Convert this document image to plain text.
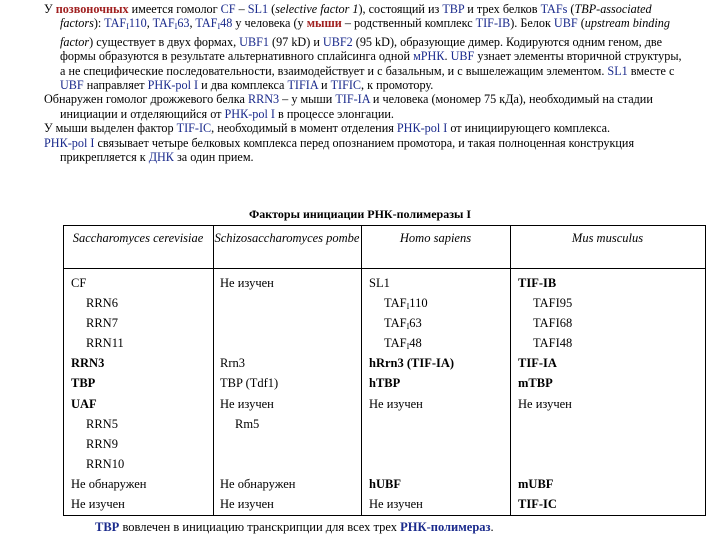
У позвоночных имеется гомолог CF – SL1 (selective factor 1), состоящий из TBP и трех белков TAFs (TBP-associated factors): $TAF_I110$, $TAF_I63$, $TAF_I48$ у человека (у мыши – родственный комплекс TIF-IB). Белок UBF (upstream binding factor) существует в двух формах, UBF1 (97 kD) и UBF2 (95 kD), образующие димер. Кодируются одним геном, две формы образуются в результате альтернативного сплайсинга одной мРНК. UBF узнает элементы вторичной структуры, а не специфические последовательности, взаимодействует и с базальным, и с вышележащим элементом. SL1 вместе с UBF направляет РНК-pol I и два комплекса TIFIA и TIFIC, к промотору.

Обнаружен гомолог дрожжевого белка RRN3 – у мыши TIF-IA и человека (мономер 75 кДа), необходимый на стадии инициации и отделяющийся от РНК-pol I в процессе элонгации.

У мыши выделен фактор TIF-IC, необходимый в момент отделения РНК-pol I от инициирующего комплекса.

РНК-pol I связывает четыре белковых комплекса перед опознанием промотора, и такая полноценная конструкция прикрепляется к ДНК за один прием.

Факторы инициации РНК-полимеразы I
Saccharomyces cerevisiae Schizosaccharomyces pombe	Homo sapiens	Mus musculus
CF
RRN6
RRN7
RRN11
RRN3
TBP
UAF
RRN5
RRN9
RRN10
Не обнаружен
Не изучен
Не изучен
Rrn3
TBP (Tdf1)
Не изучен
Rm5
Не обнаружен
Не изучен
SL1
$TAF_I110$
$TAF_I63$
$TAF_I48$
hRrn3 (TIF-IA)
hTBP
Не изучен
hUBF
Не изучен
TIF-IB
TAFI95
TAFI68
TAFI48
TIF-IA
mTBP
Не изучен
mUBF
TIF-IC
TBP вовлечен в инициацию транскрипции для всех трех РНК-полимераз.
